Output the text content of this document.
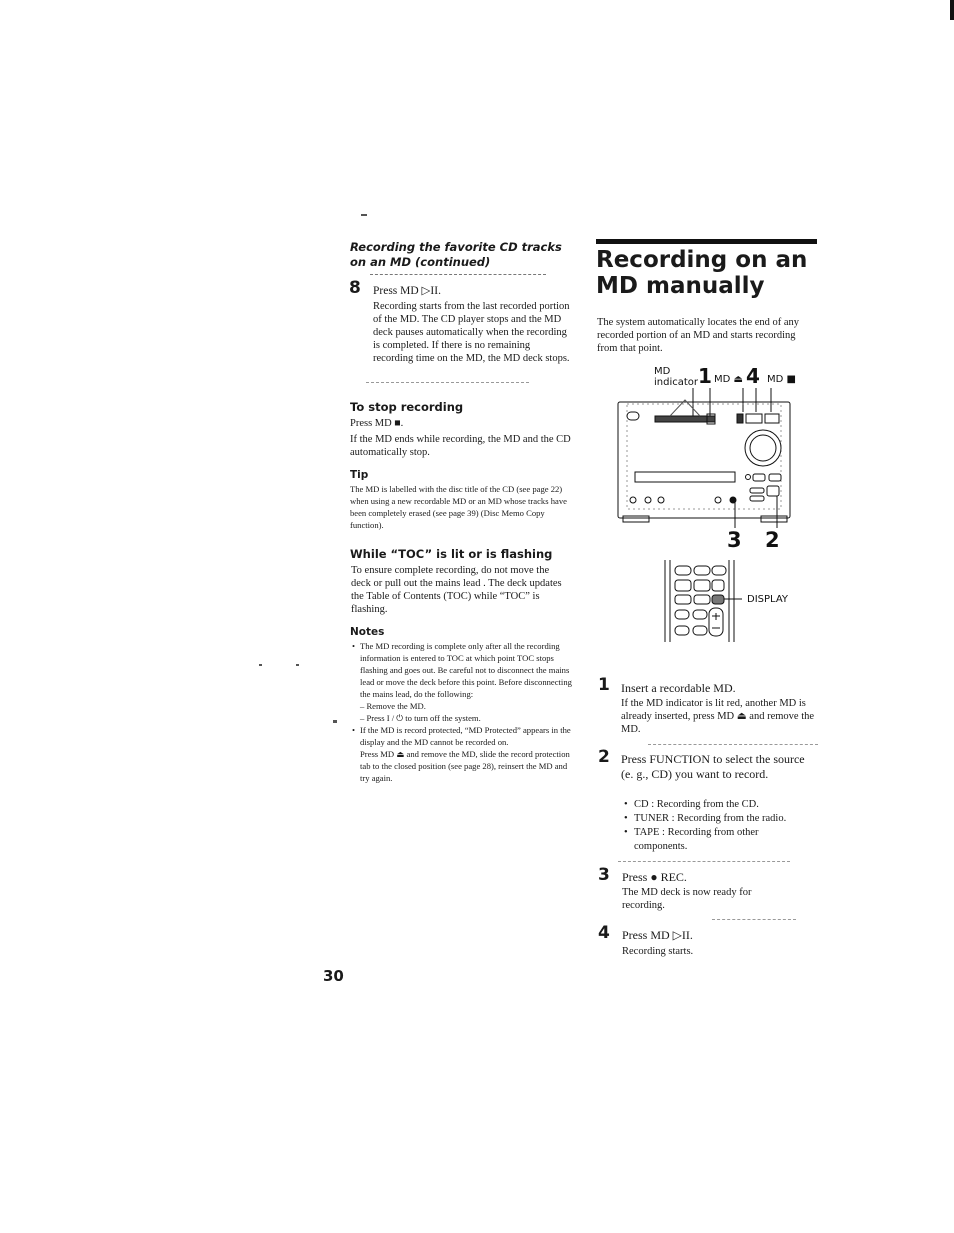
Recording the favorite CD tracks on an MD (continued)
8 Press MD ▷II.
Recording starts from the last recorded portion of the MD. The CD player stops and the MD deck pauses automatically when the recording is completed. If there is no remaining recording time on the MD, the MD deck stops.
To stop recording
Press MD ■.
If the MD ends while recording, the MD and the CD automatically stop.
Tip
The MD is labelled with the disc title of the CD (see page 22) when using a new recordable MD or an MD whose tracks have been completely erased (see page 39) (Disc Memo Copy function).
While “TOC” is lit or is flashing
To ensure complete recording, do not move the deck or pull out the mains lead . The deck updates the Table of Contents (TOC) while “TOC” is flashing.
Notes
• The MD recording is complete only after all the recording information is entered to TOC at which point TOC stops flashing and goes out. Be careful not to disconnect the mains lead or move the deck before this point. Before disconnecting the mains lead, do the following:
– Remove the MD.
– Press I / ⏻ to turn off the system.
• If the MD is record protected, “MD Protected” appears in the display and the MD cannot be recorded on.
Press MD ⏏ and remove the MD, slide the record protection tab to the closed position (see page 28), reinsert the MD and try again.
Recording on an
MD manually
The system automatically locates the end of any recorded portion of an MD and starts recording from that point.
MD
indicator 1 MD ⏏ 4 MD ■
3 2
DISPLAY
1 Insert a recordable MD.
If the MD indicator is lit red, another MD is already inserted, press MD ⏏ and remove the MD.
2 Press FUNCTION to select the source (e. g., CD) you want to record.
• CD : Recording from the CD.
• TUNER : Recording from the radio.
• TAPE : Recording from other components.
3 Press ● REC.
The MD deck is now ready for recording.
4 Press MD ▷II.
Recording starts.
30
